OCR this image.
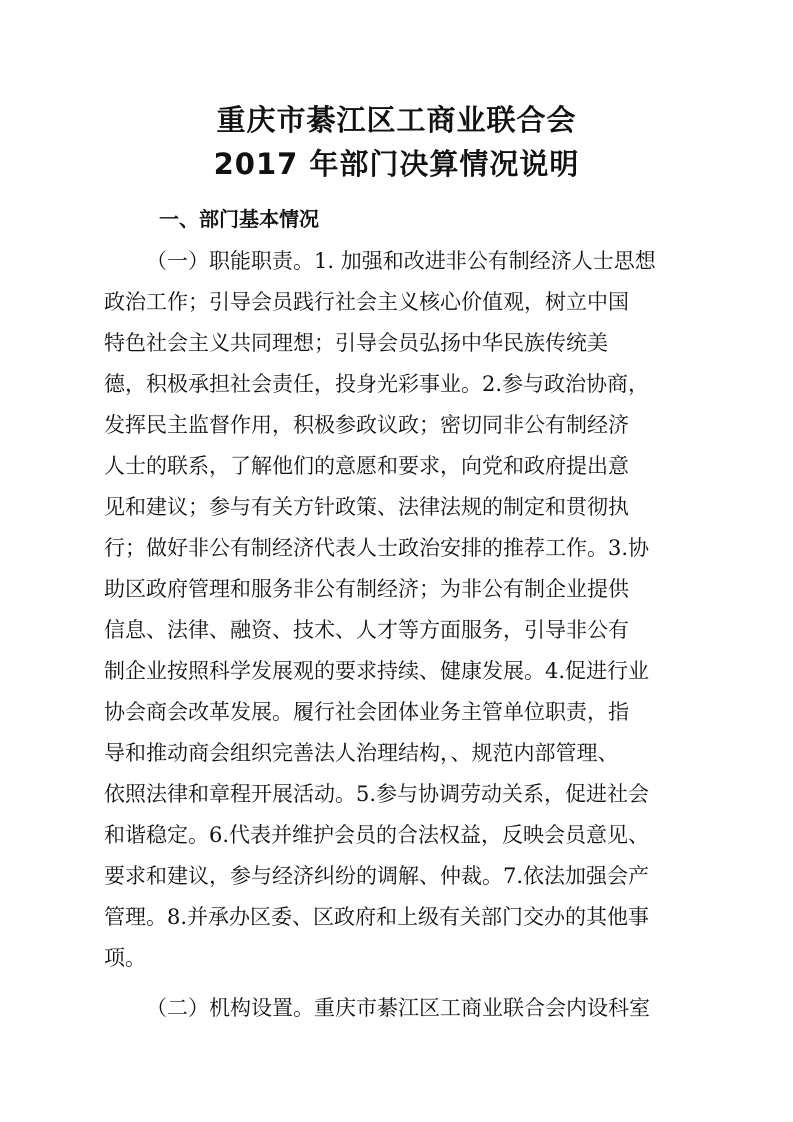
重庆市綦江区工商业联合会
2017 年部门决算情况说明
一、部门基本情况
（一）职能职责。1. 加强和改进非公有制经济人士思想
政治工作；引导会员践行社会主义核心价值观，树立中国
特色社会主义共同理想；引导会员弘扬中华民族传统美
德，积极承担社会责任，投身光彩事业。2.参与政治协商，
发挥民主监督作用，积极参政议政；密切同非公有制经济
人士的联系，了解他们的意愿和要求，向党和政府提出意
见和建议；参与有关方针政策、法律法规的制定和贯彻执
行；做好非公有制经济代表人士政治安排的推荐工作。3.协
助区政府管理和服务非公有制经济；为非公有制企业提供
信息、法律、融资、技术、人才等方面服务，引导非公有
制企业按照科学发展观的要求持续、健康发展。4.促进行业
协会商会改革发展。履行社会团体业务主管单位职责，指
导和推动商会组织完善法人治理结构，、规范内部管理、
依照法律和章程开展活动。5.参与协调劳动关系，促进社会
和谐稳定。6.代表并维护会员的合法权益，反映会员意见、
要求和建议，参与经济纠纷的调解、仲裁。7.依法加强会产
管理。8.并承办区委、区政府和上级有关部门交办的其他事
项。
（二）机构设置。重庆市綦江区工商业联合会内设科室
